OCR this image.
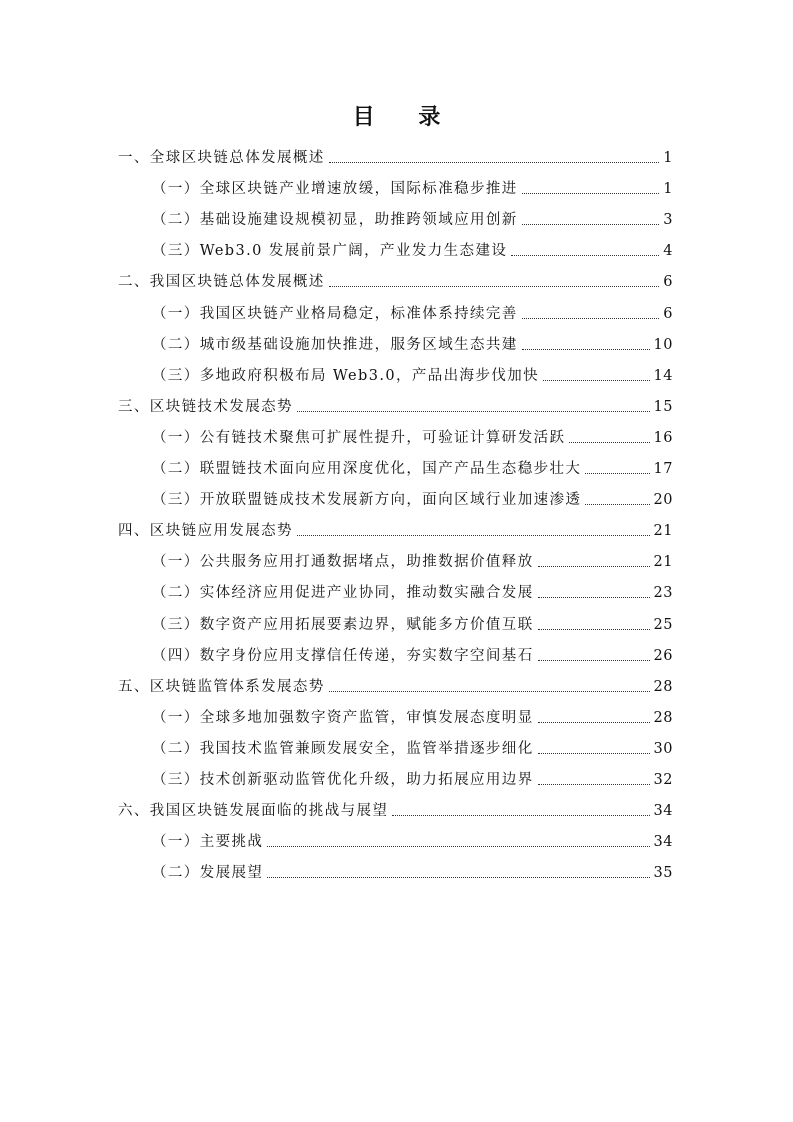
目 录
一、全球区块链总体发展概述	1
（一）全球区块链产业增速放缓，国际标准稳步推进	1
（二）基础设施建设规模初显，助推跨领域应用创新	3
（三）Web3.0 发展前景广阔，产业发力生态建设	4
二、我国区块链总体发展概述	6
（一）我国区块链产业格局稳定，标准体系持续完善	6
（二）城市级基础设施加快推进，服务区域生态共建	10
（三）多地政府积极布局 Web3.0，产品出海步伐加快	14
三、区块链技术发展态势	15
（一）公有链技术聚焦可扩展性提升，可验证计算研发活跃	16
（二）联盟链技术面向应用深度优化，国产产品生态稳步壮大	17
（三）开放联盟链成技术发展新方向，面向区域行业加速渗透	20
四、区块链应用发展态势	21
（一）公共服务应用打通数据堵点，助推数据价值释放	21
（二）实体经济应用促进产业协同，推动数实融合发展	23
（三）数字资产应用拓展要素边界，赋能多方价值互联	25
（四）数字身份应用支撑信任传递，夯实数字空间基石	26
五、区块链监管体系发展态势	28
（一）全球多地加强数字资产监管，审慎发展态度明显	28
（二）我国技术监管兼顾发展安全，监管举措逐步细化	30
（三）技术创新驱动监管优化升级，助力拓展应用边界	32
六、我国区块链发展面临的挑战与展望	34
（一）主要挑战	34
（二）发展展望	35
